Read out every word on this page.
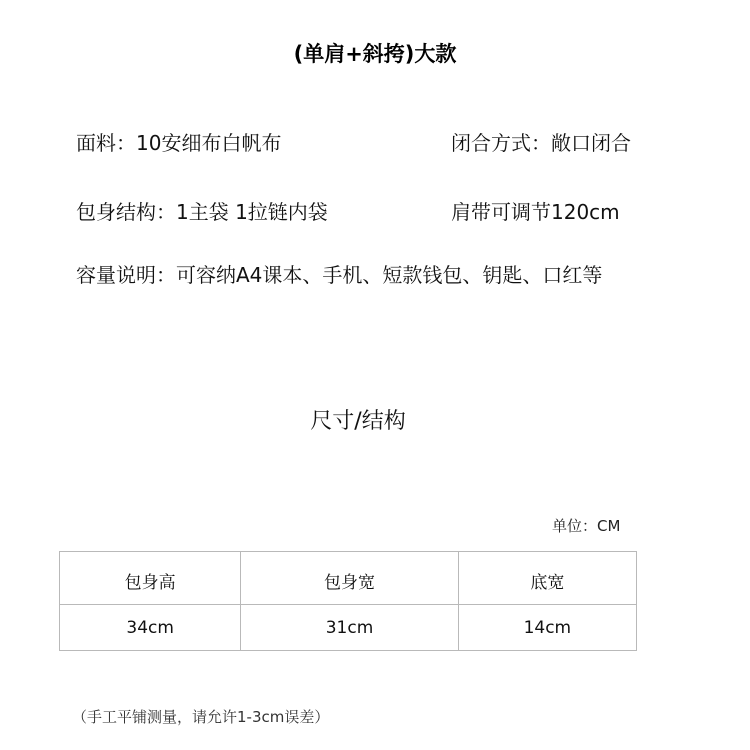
(单肩+斜挎)大款
面料：10安细布白帆布	闭合方式：敞口闭合
包身结构：1主袋 1拉链内袋	肩带可调节120cm
容量说明：可容纳A4课本、手机、短款钱包、钥匙、口红等
尺寸/结构
单位：CM
包身高	包身宽	底宽
34cm	31cm	14cm
（手工平铺测量，请允许1-3cm误差）
